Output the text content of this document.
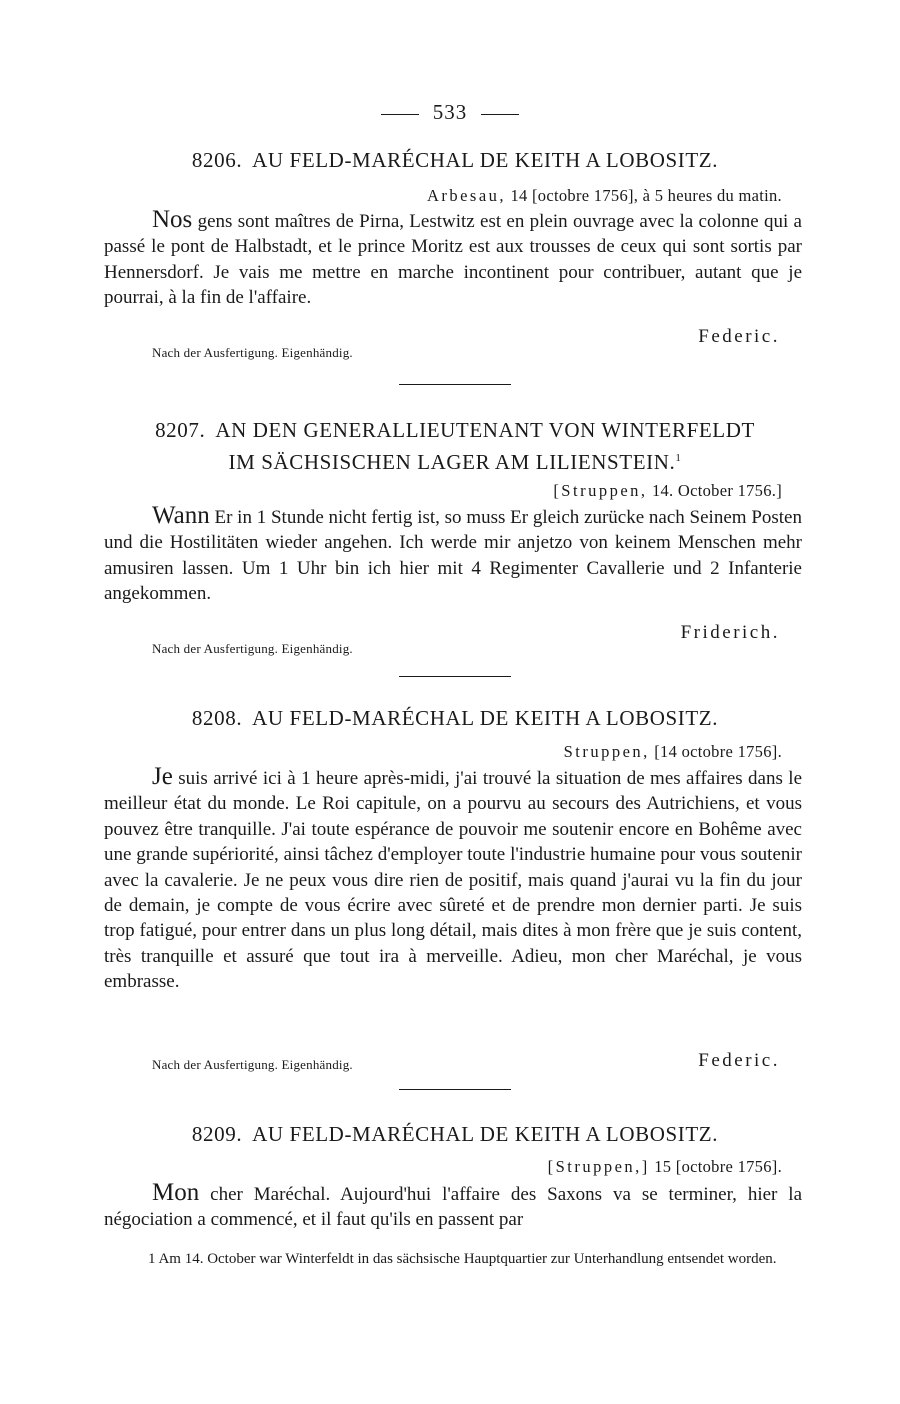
533
8206. AU FELD-MARÉCHAL DE KEITH A LOBOSITZ.
Arbesau, 14 [octobre 1756], à 5 heures du matin.
Nos gens sont maîtres de Pirna, Lestwitz est en plein ouvrage avec la colonne qui a passé le pont de Halbstadt, et le prince Moritz est aux trousses de ceux qui sont sortis par Hennersdorf. Je vais me mettre en marche incontinent pour contribuer, autant que je pourrai, à la fin de l'affaire.
Federic.
Nach der Ausfertigung. Eigenhändig.
8207. AN DEN GENERALLIEUTENANT VON WINTERFELDT
IM SÄCHSISCHEN LAGER AM LILIENSTEIN.$^1$
[Struppen, 14. October 1756.]
Wann Er in 1 Stunde nicht fertig ist, so muss Er gleich zurücke nach Seinem Posten und die Hostilitäten wieder angehen. Ich werde mir anjetzo von keinem Menschen mehr amusiren lassen. Um 1 Uhr bin ich hier mit 4 Regimenter Cavallerie und 2 Infanterie angekommen.
Friderich.
Nach der Ausfertigung. Eigenhändig.
8208. AU FELD-MARÉCHAL DE KEITH A LOBOSITZ.
Struppen, [14 octobre 1756].
Je suis arrivé ici à 1 heure après-midi, j'ai trouvé la situation de mes affaires dans le meilleur état du monde. Le Roi capitule, on a pourvu au secours des Autrichiens, et vous pouvez être tranquille. J'ai toute espérance de pouvoir me soutenir encore en Bohême avec une grande supériorité, ainsi tâchez d'employer toute l'industrie humaine pour vous soutenir avec la cavalerie. Je ne peux vous dire rien de positif, mais quand j'aurai vu la fin du jour de demain, je compte de vous écrire avec sûreté et de prendre mon dernier parti. Je suis trop fatigué, pour entrer dans un plus long détail, mais dites à mon frère que je suis content, très tranquille et assuré que tout ira à merveille. Adieu, mon cher Maréchal, je vous embrasse.
Federic.
Nach der Ausfertigung. Eigenhändig.
8209. AU FELD-MARÉCHAL DE KEITH A LOBOSITZ.
[Struppen,] 15 [octobre 1756].
Mon cher Maréchal. Aujourd'hui l'affaire des Saxons va se terminer, hier la négociation a commencé, et il faut qu'ils en passent par
1 Am 14. October war Winterfeldt in das sächsische Hauptquartier zur Unterhandlung entsendet worden.
